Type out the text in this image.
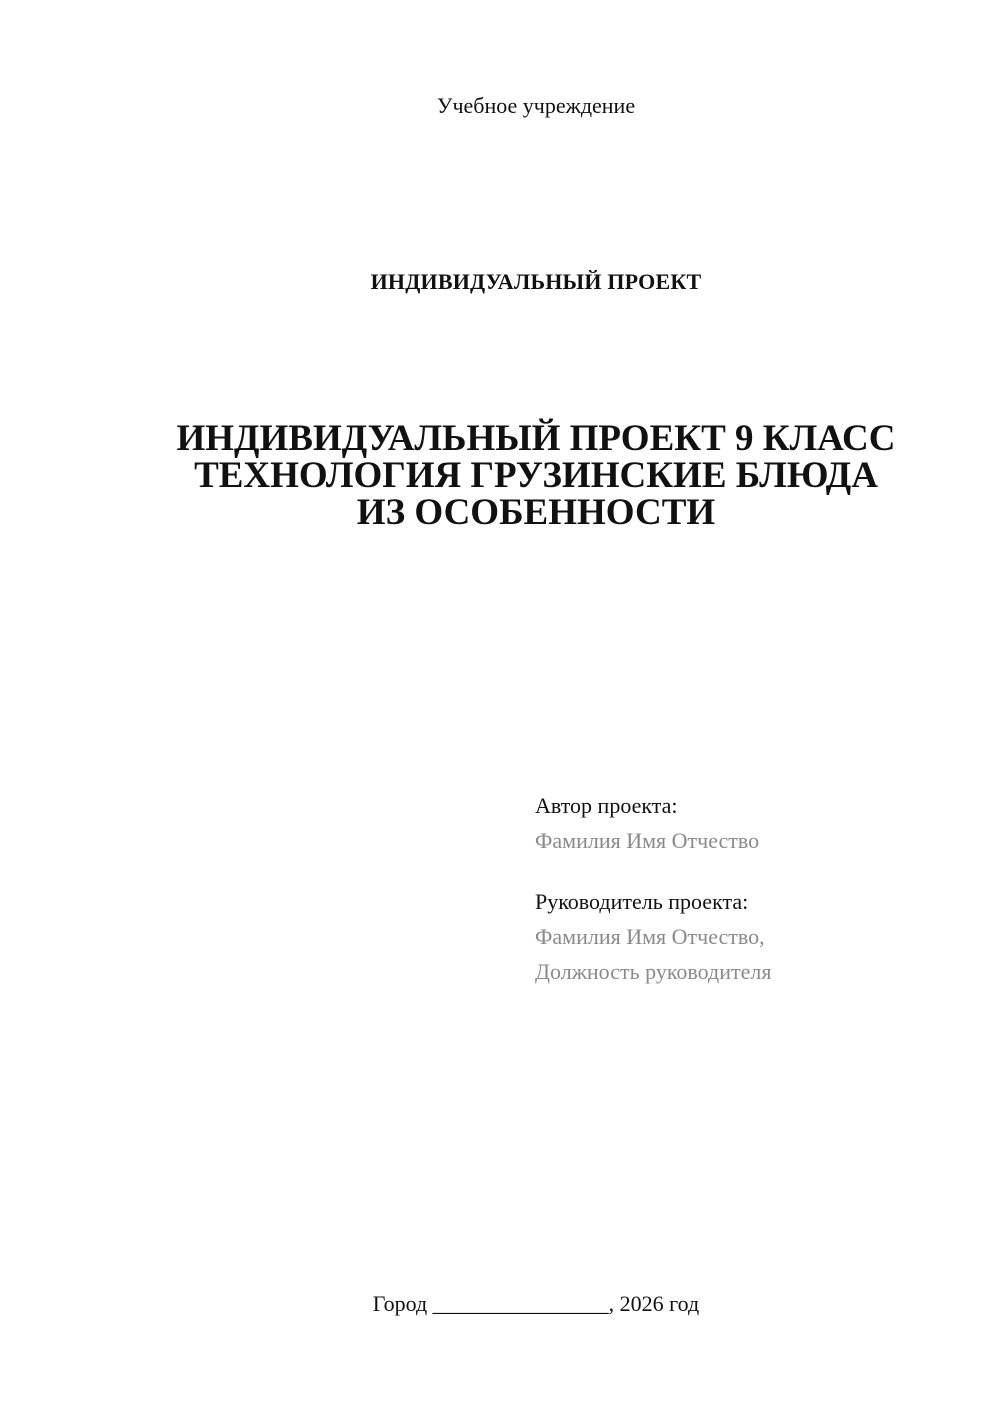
Учебное учреждение
ИНДИВИДУАЛЬНЫЙ ПРОЕКТ
ИНДИВИДУАЛЬНЫЙ ПРОЕКТ 9 КЛАСС
ТЕХНОЛОГИЯ ГРУЗИНСКИЕ БЛЮДА
ИЗ ОСОБЕННОСТИ
Автор проекта:
Фамилия Имя Отчество
Руководитель проекта:
Фамилия Имя Отчество,
Должность руководителя
Город ________________, 2026 год
